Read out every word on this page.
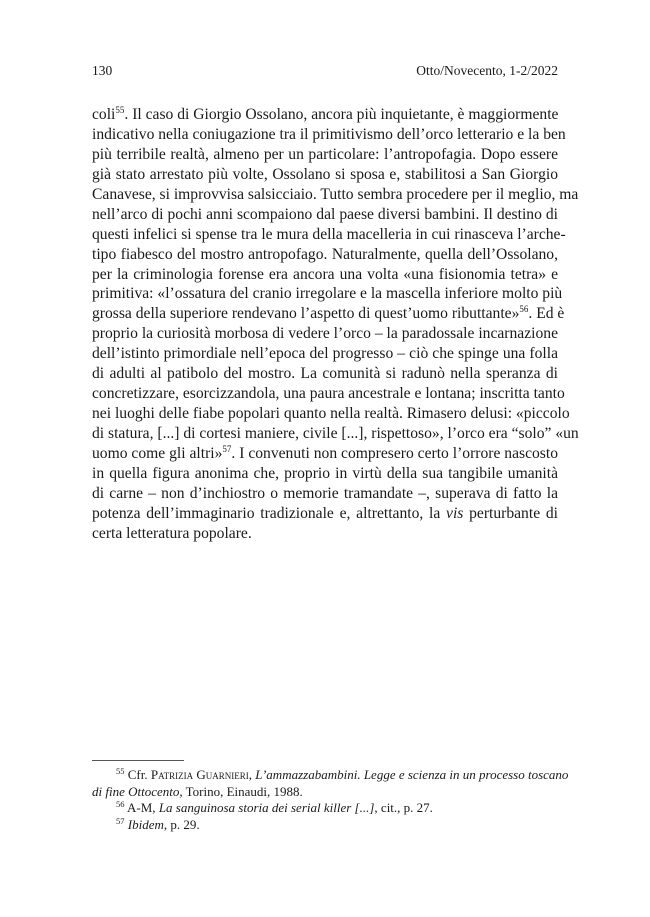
130	Otto/Novecento, 1-2/2022
coli$^{55}$. Il caso di Giorgio Ossolano, ancora più inquietante, è maggiormente
indicativo nella coniugazione tra il primitivismo dell’orco letterario e la ben
più terribile realtà, almeno per un particolare: l’antropofagia. Dopo essere
già stato arrestato più volte, Ossolano si sposa e, stabilitosi a San Giorgio
Canavese, si improvvisa salsicciaio. Tutto sembra procedere per il meglio, ma
nell’arco di pochi anni scompaiono dal paese diversi bambini. Il destino di
questi infelici si spense tra le mura della macelleria in cui rinasceva l’arche-
tipo fiabesco del mostro antropofago. Naturalmente, quella dell’Ossolano,
per la criminologia forense era ancora una volta «una fisionomia tetra» e
primitiva: «l’ossatura del cranio irregolare e la mascella inferiore molto più
grossa della superiore rendevano l’aspetto di quest’uomo ributtante»$^{56}$. Ed è
proprio la curiosità morbosa di vedere l’orco – la paradossale incarnazione
dell’istinto primordiale nell’epoca del progresso – ciò che spinge una folla
di adulti al patibolo del mostro. La comunità si radunò nella speranza di
concretizzare, esorcizzandola, una paura ancestrale e lontana; inscritta tanto
nei luoghi delle fiabe popolari quanto nella realtà. Rimasero delusi: «piccolo
di statura, [...] di cortesi maniere, civile [...], rispettoso», l’orco era “solo” «un
uomo come gli altri»$^{57}$. I convenuti non compresero certo l’orrore nascosto
in quella figura anonima che, proprio in virtù della sua tangibile umanità
di carne – non d’inchiostro o memorie tramandate –, superava di fatto la
potenza dell’immaginario tradizionale e, altrettanto, la vis perturbante di
certa letteratura popolare.
$^{55}$ Cfr. Patrizia Guarnieri, L’ammazzabambini. Legge e scienza in un processo toscano
di fine Ottocento, Torino, Einaudi, 1988.
$^{56}$ A-M, La sanguinosa storia dei serial killer [...], cit., p. 27.
$^{57}$ Ibidem, p. 29.
